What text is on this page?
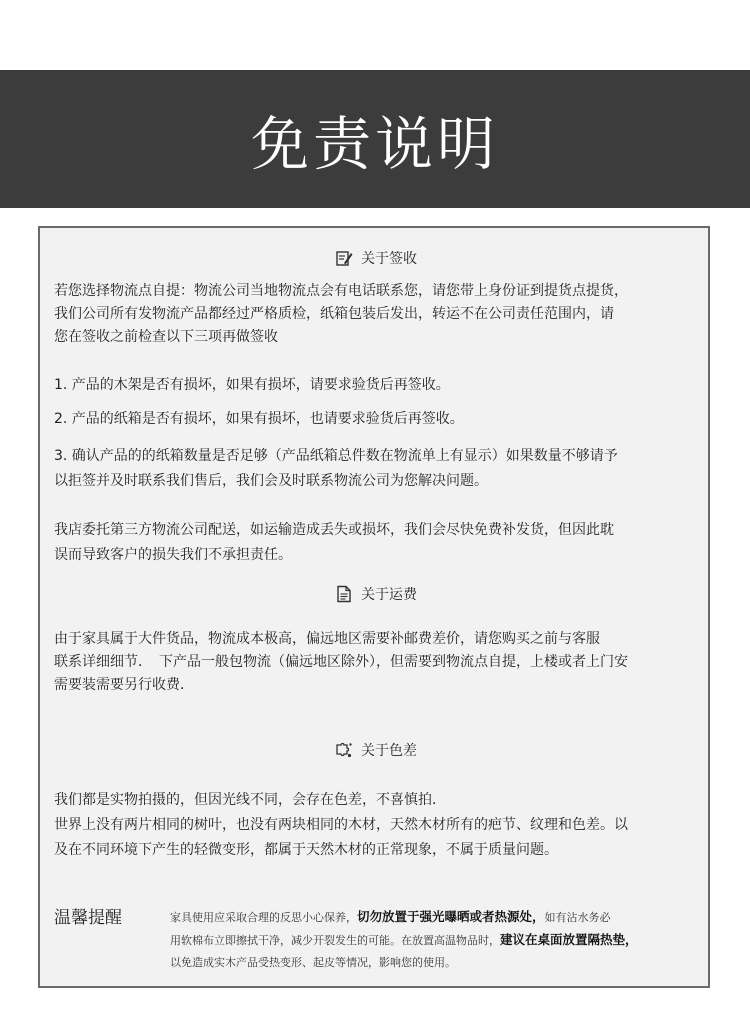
免责说明
关于签收

若您选择物流点自提：物流公司当地物流点会有电话联系您，请您带上身份证到提货点提货，
我们公司所有发物流产品都经过严格质检，纸箱包装后发出，转运不在公司责任范围内，请
您在签收之前检查以下三项再做签收

1. 产品的木架是否有损坏，如果有损坏，请要求验货后再签收。

2. 产品的纸箱是否有损坏，如果有损坏，也请要求验货后再签收。

3. 确认产品的的纸箱数量是否足够（产品纸箱总件数在物流单上有显示）如果数量不够请予
以拒签并及时联系我们售后，我们会及时联系物流公司为您解决问题。

我店委托第三方物流公司配送，如运输造成丢失或损坏，我们会尽快免费补发货，但因此耽
误而导致客户的损失我们不承担责任。

关于运费

由于家具属于大件货品，物流成本极高，偏远地区需要补邮费差价，请您购买之前与客服
联系详细细节．　下产品一般包物流（偏远地区除外），但需要到物流点自提，上楼或者上门安
需要装需要另行收费．

关于色差

我们都是实物拍摄的，但因光线不同，会存在色差，不喜慎拍．
世界上没有两片相同的树叶，也没有两块相同的木材，天然木材所有的疤节、纹理和色差。以
及在不同环境下产生的轻微变形，都属于天然木材的正常现象，不属于质量问题。

温馨提醒	家具使用应采取合理的反思小心保养，切勿放置于强光曝晒或者热源处，如有沾水务必
用软棉布立即擦拭干净，减少开裂发生的可能。在放置高温物品时，建议在桌面放置隔热垫，
以免造成实木产品受热变形、起皮等情况，影响您的使用。
